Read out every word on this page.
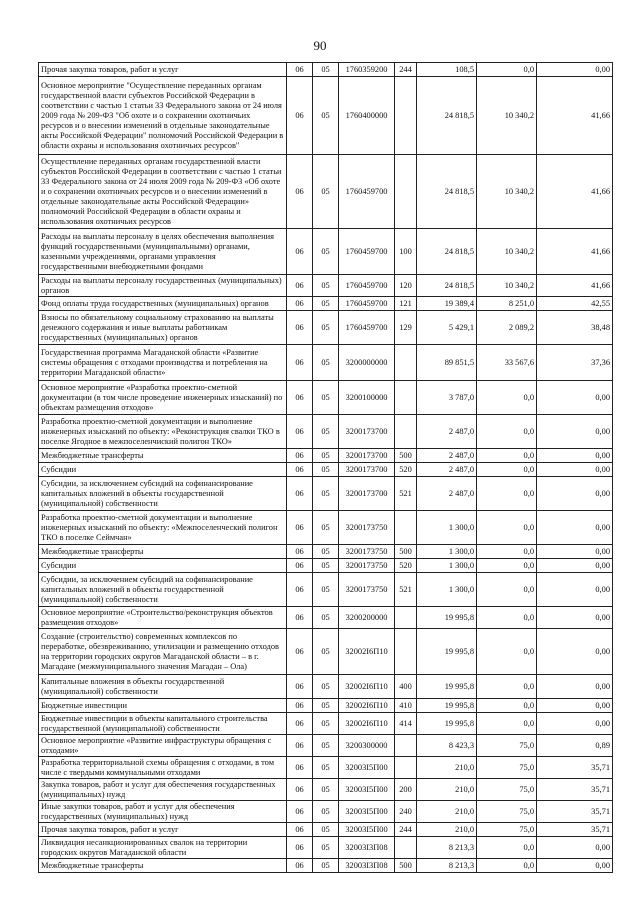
90
Прочая закупка товаров, работ и услуг	06	05	1760359200	244	108,5	0,0	0,00
Основное мероприятие "Осуществление переданных органам государственной власти субъектов Российской Федерации в соответствии с частью 1 статьи 33 Федерального закона от 24 июля 2009 года № 209-ФЗ "Об охоте и о сохранении охотничьих ресурсов и о внесении изменений в отдельные законодательные акты Российской Федерации" полномочий Российской Федерации в области охраны и использования охотничьих ресурсов"	06	05	1760400000		24 818,5	10 340,2	41,66
Осуществление переданных органам государственной власти субъектов Российской Федерации в соответствии с частью 1 статьи 33 Федерального закона от 24 июля 2009 года № 209-ФЗ «Об охоте и о сохранении охотничьих ресурсов и о внесении изменений в отдельные законодательные акты Российской Федерации» полномочий Российской Федерации в области охраны и использования охотничьих ресурсов	06	05	1760459700		24 818,5	10 340,2	41,66
Расходы на выплаты персоналу в целях обеспечения выполнения функций государственными (муниципальными) органами, казенными учреждениями, органами управления государственными внебюджетными фондами	06	05	1760459700	100	24 818,5	10 340,2	41,66
Расходы на выплаты персоналу государственных (муниципальных) органов	06	05	1760459700	120	24 818,5	10 340,2	41,66
Фонд оплаты труда государственных (муниципальных) органов	06	05	1760459700	121	19 389,4	8 251,0	42,55
Взносы по обязательному социальному страхованию на выплаты денежного содержания и иные выплаты работникам государственных (муниципальных) органов	06	05	1760459700	129	5 429,1	2 089,2	38,48
Государственная программа Магаданской области «Развитие системы обращения с отходами производства и потребления на территории Магаданской области»	06	05	3200000000		89 851,5	33 567,6	37,36
Основное мероприятие «Разработка проектно-сметной документации (в том числе проведение инженерных изысканий) по объектам размещения отходов»	06	05	3200100000		3 787,0	0,0	0,00
Разработка проектно-сметной документации и выполнение инженерных изысканий по объекту: «Реконструкция свалки ТКО в поселке Ягодное в межпоселенчиский полигон ТКО»	06	05	3200173700		2 487,0	0,0	0,00
Межбюджетные трансферты	06	05	3200173700	500	2 487,0	0,0	0,00
Субсидии	06	05	3200173700	520	2 487,0	0,0	0,00
Субсидии, за исключением субсидий на софинансирование капитальных вложений в объекты государственной (муниципальной) собственности	06	05	3200173700	521	2 487,0	0,0	0,00
Разработка проектно-сметной документации и выполнение инженерных изысканий по объекту: «Межпоселенческий полигон ТКО в поселке Сеймчан»	06	05	3200173750		1 300,0	0,0	0,00
Межбюджетные трансферты	06	05	3200173750	500	1 300,0	0,0	0,00
Субсидии	06	05	3200173750	520	1 300,0	0,0	0,00
Субсидии, за исключением субсидий на софинансирование капитальных вложений в объекты государственной (муниципальной) собственности	06	05	3200173750	521	1 300,0	0,0	0,00
Основное мероприятие «Строительство/реконструкция объектов размещения отходов»	06	05	3200200000		19 995,8	0,0	0,00
Создание (строительство) современных комплексов по переработке, обезвреживанию, утилизации и размещению отходов на территории городских округов Магаданской области – в г. Магадане (межмуниципального значения Магадан – Ола)	06	05	32002I6П10		19 995,8	0,0	0,00
Капитальные вложения в объекты государственной (муниципальной) собственности	06	05	32002I6П10	400	19 995,8	0,0	0,00
Бюджетные инвестиции	06	05	32002I6П10	410	19 995,8	0,0	0,00
Бюджетные инвестиции в объекты капитального строительства государственной (муниципальной) собственности	06	05	32002I6П10	414	19 995,8	0,0	0,00
Основное мероприятие «Развитие инфраструктуры обращения с отходами»	06	05	3200300000		8 423,3	75,0	0,89
Разработка территориальной схемы обращения с отходами, в том числе с твердыми коммунальными отходами	06	05	32003I5П00		210,0	75,0	35,71
Закупка товаров, работ и услуг для обеспечения государственных (муниципальных) нужд	06	05	32003I5П00	200	210,0	75,0	35,71
Иные закупки товаров, работ и услуг для обеспечения государственных (муниципальных) нужд	06	05	32003I5П00	240	210,0	75,0	35,71
Прочая закупка товаров, работ и услуг	06	05	32003I5П00	244	210,0	75,0	35,71
Ликвидация несанкционированных свалок на территории городских округов Магаданской области	06	05	32003I3П08		8 213,3	0,0	0,00
Межбюджетные трансферты	06	05	32003I3П08	500	8 213,3	0,0	0,00
